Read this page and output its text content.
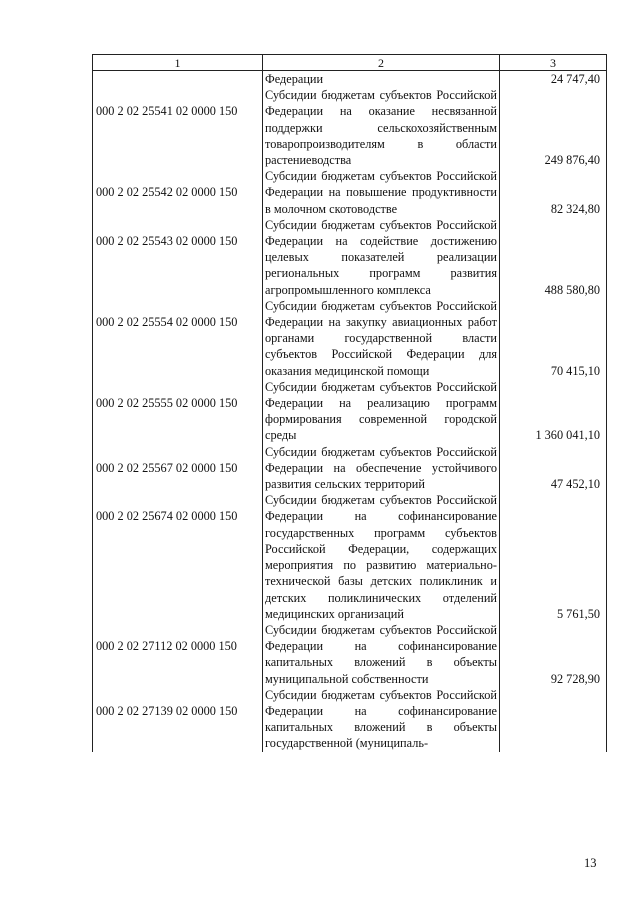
1	2	3
	Федерации	24 747,40
000 2 02 25541 02 0000 150	Субсидии бюджетам субъектов Российской Федерации на оказание несвязанной поддержки сельскохозяйственным товаропроизводителям в области растениеводства	249 876,40
000 2 02 25542 02 0000 150	Субсидии бюджетам субъектов Российской Федерации на повышение продуктивности в молочном скотоводстве	82 324,80
000 2 02 25543 02 0000 150	Субсидии бюджетам субъектов Российской Федерации на содействие достижению целевых показателей реализации региональных программ развития агропромышленного комплекса	488 580,80
000 2 02 25554 02 0000 150	Субсидии бюджетам субъектов Российской Федерации на закупку авиационных работ органами государственной власти субъектов Российской Федерации для оказания медицинской помощи	70 415,10
000 2 02 25555 02 0000 150	Субсидии бюджетам субъектов Российской Федерации на реализацию программ формирования современной городской среды	1 360 041,10
000 2 02 25567 02 0000 150	Субсидии бюджетам субъектов Российской Федерации на обеспечение устойчивого развития сельских территорий	47 452,10
000 2 02 25674 02 0000 150	Субсидии бюджетам субъектов Российской Федерации на софинансирование государственных программ субъектов Российской Федерации, содержащих мероприятия по развитию материально-технической базы детских поликлиник и детских поликлинических отделений медицинских организаций	5 761,50
000 2 02 27112 02 0000 150	Субсидии бюджетам субъектов Российской Федерации на софинансирование капитальных вложений в объекты муниципальной собственности	92 728,90
000 2 02 27139 02 0000 150	Субсидии бюджетам субъектов Российской Федерации на софинансирование капитальных вложений в объекты государственной (муниципаль-	
13
